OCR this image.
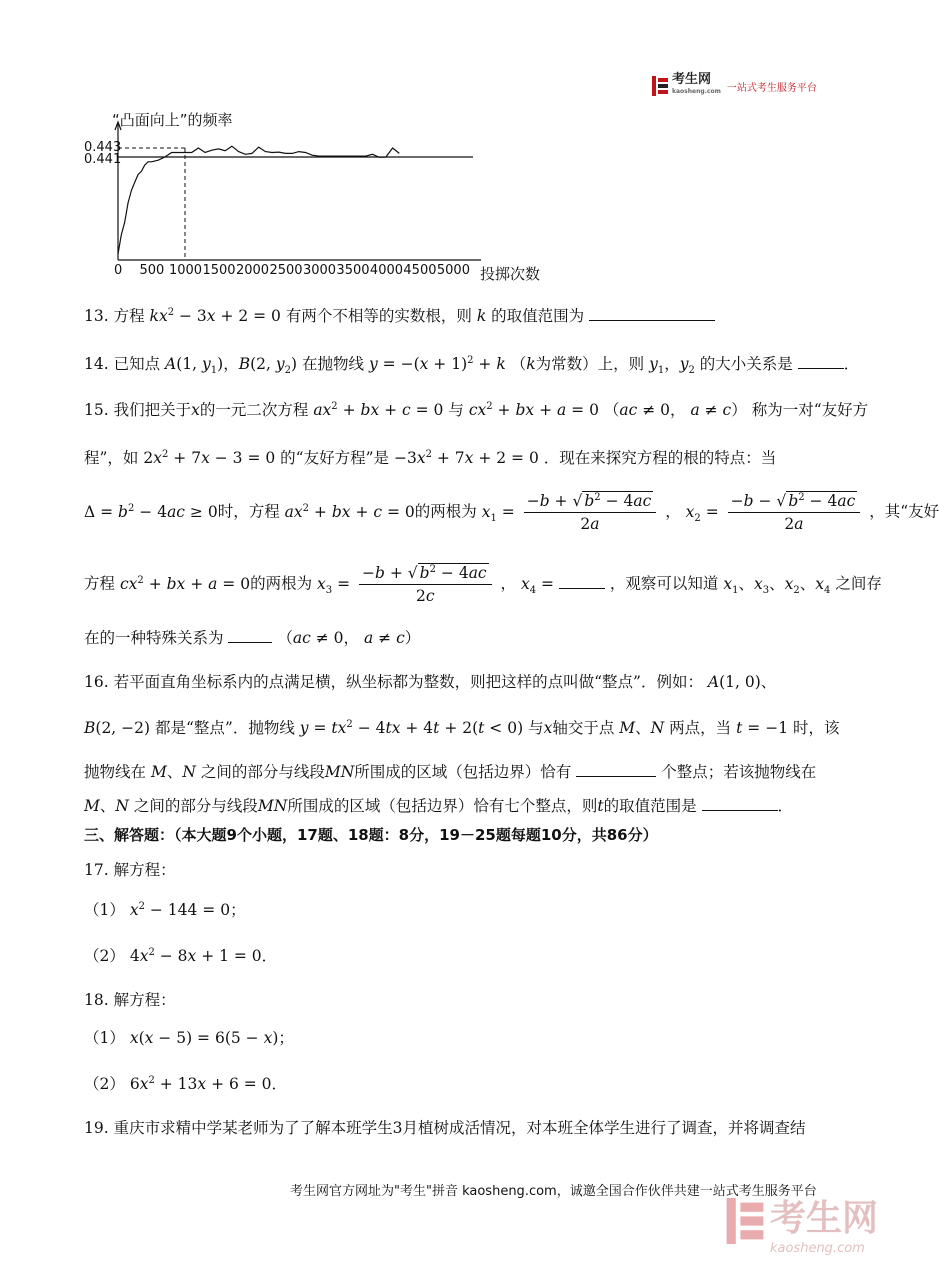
考生网
kaosheng.com 一站式考生服务平台
“凸面向上”的频率
0.443
0.441
0 500 1000 1500 2000 2500 3000 3500 4000 4500 5000 投掷次数
13. 方程 $kx^2 - 3x + 2 = 0$ 有两个不相等的实数根，则 k 的取值范围为
14. 已知点 A(1, $y_1$)，B(2, $y_2$) 在抛物线 $y = -(x + 1)^2 + k$ （k为常数）上，则 $y_1$，$y_2$ 的大小关系是	．
15. 我们把关于x的一元二次方程 $ax^2$ + bx + c = 0 与 $cx^2$ + bx + a = 0 （ac ≠ 0， a ≠ c） 称为一对“友好方
程”，如 $2x^2 + 7x - 3 = 0$ 的“友好方程”是 $-3x^2 + 7x + 2 = 0$ ．现在来探究方程的根的特点：当
$\Delta = b^2 - 4ac \ge 0$时，方程 $ax^2$ + bx + c = 0的两根为 $x_1 = \frac{-b + √ b^2 - 4ac}{2a}$ ， $x_2 = \frac{-b - √ b^2 - 4ac}{2a}$ ，其“友好
方程 $cx^2$ + bx + a = 0的两根为 $x_3 = \frac{-b + √ b^2 - 4ac}{2c}$ ， $x_4$ =	，观察可以知道 $x_1$、$x_3$、$x_2$、$x_4$ 之间存
在的一种特殊关系为	（ac ≠ 0， a ≠ c）
16. 若平面直角坐标系内的点满足横，纵坐标都为整数，则把这样的点叫做“整点”．例如： A(1, 0)、
B(2, −2) 都是“整点”．抛物线 $y = tx^2 - 4tx + 4t + 2(t < 0)$ 与x轴交于点 M、N 两点，当 t = −1 时，该
抛物线在 M、N 之间的部分与线段MN所围成的区域（包括边界）恰有	个整点；若该抛物线在
M、N 之间的部分与线段MN所围成的区域（包括边界）恰有七个整点，则t的取值范围是	．
三、解答题：（本大题9个小题，17题、18题：8分，19－25题每题10分，共86分）
17. 解方程：
（1） $x^2 - 144 = 0$；
（2） $4x^2 - 8x + 1 = 0$．
18. 解方程：
（1） x(x − 5) = 6(5 − x)；
（2） $6x^2 + 13x + 6 = 0$．
19. 重庆市求精中学某老师为了了解本班学生3月植树成活情况，对本班全体学生进行了调查，并将调查结
考生网官方网址为"考生"拼音 kaosheng.com，诚邀全国合作伙伴共建一站式考生服务平台
考生网
kaosheng.com
